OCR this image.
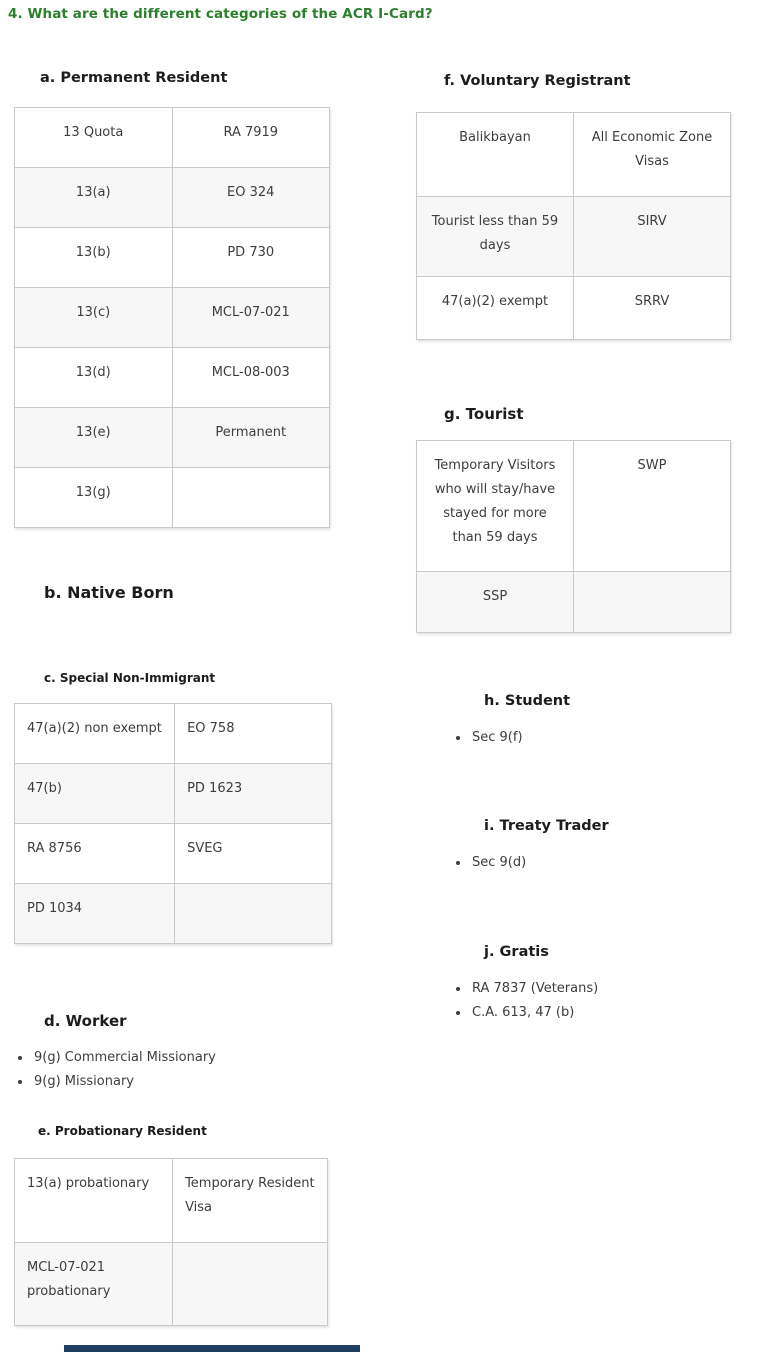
4. What are the different categories of the ACR I-Card?
a. Permanent Resident
13 Quota	RA 7919
13(a)	EO 324
13(b)	PD 730
13(c)	MCL-07-021
13(d)	MCL-08-003
13(e)	Permanent
13(g)	
b. Native Born
c. Special Non-Immigrant
47(a)(2) non exempt	EO 758
47(b)	PD 1623
RA 8756	SVEG
PD 1034	
d. Worker
• 9(g) Commercial Missionary
• 9(g) Missionary
e. Probationary Resident
13(a) probationary	Temporary Resident Visa
MCL-07-021 probationary	
f. Voluntary Registrant
Balikbayan	All Economic Zone Visas
Tourist less than 59 days	SIRV
47(a)(2) exempt	SRRV
g. Tourist
Temporary Visitors who will stay/have stayed for more than 59 days	SWP
SSP	
h. Student
• Sec 9(f)
i. Treaty Trader
• Sec 9(d)
j. Gratis
• RA 7837 (Veterans)
• C.A. 613, 47 (b)
